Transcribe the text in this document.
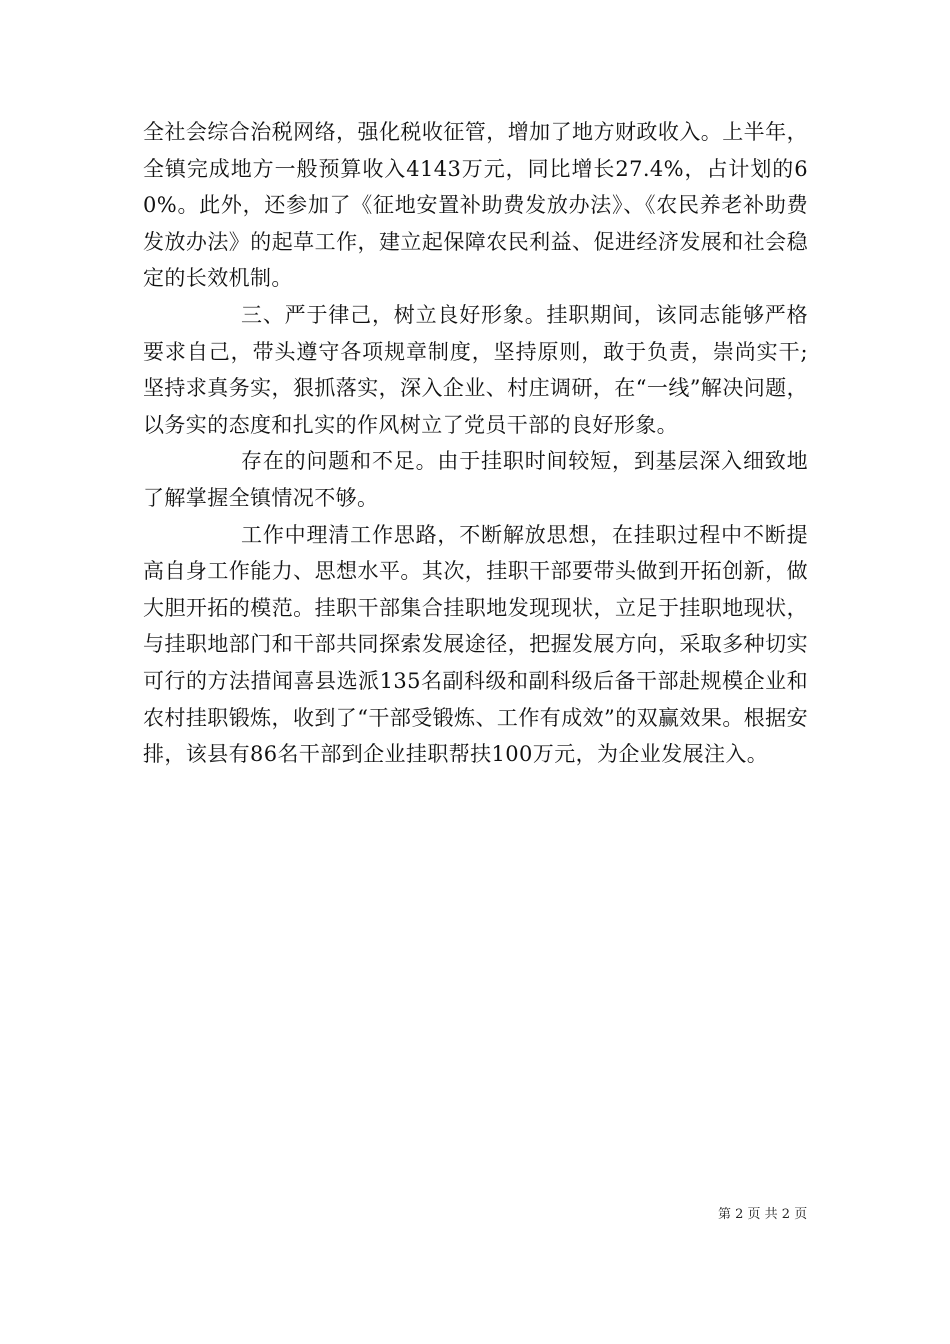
全社会综合治税网络，强化税收征管，增加了地方财政收入。上半年，全镇完成地方一般预算收入4143万元，同比增长27.4%，占计划的60%。此外，还参加了《征地安置补助费发放办法》、《农民养老补助费发放办法》的起草工作，建立起保障农民利益、促进经济发展和社会稳定的长效机制。

三、严于律己，树立良好形象。挂职期间，该同志能够严格要求自己，带头遵守各项规章制度，坚持原则，敢于负责，崇尚实干;坚持求真务实，狠抓落实，深入企业、村庄调研，在“一线”解决问题，以务实的态度和扎实的作风树立了党员干部的良好形象。

存在的问题和不足。由于挂职时间较短，到基层深入细致地了解掌握全镇情况不够。

工作中理清工作思路，不断解放思想，在挂职过程中不断提高自身工作能力、思想水平。其次，挂职干部要带头做到开拓创新，做大胆开拓的模范。挂职干部集合挂职地发现现状，立足于挂职地现状，与挂职地部门和干部共同探索发展途径，把握发展方向，采取多种切实可行的方法措闻喜县选派135名副科级和副科级后备干部赴规模企业和农村挂职锻炼，收到了“干部受锻炼、工作有成效”的双赢效果。根据安排，该县有86名干部到企业挂职帮扶100万元，为企业发展注入。

第 2 页 共 2 页
